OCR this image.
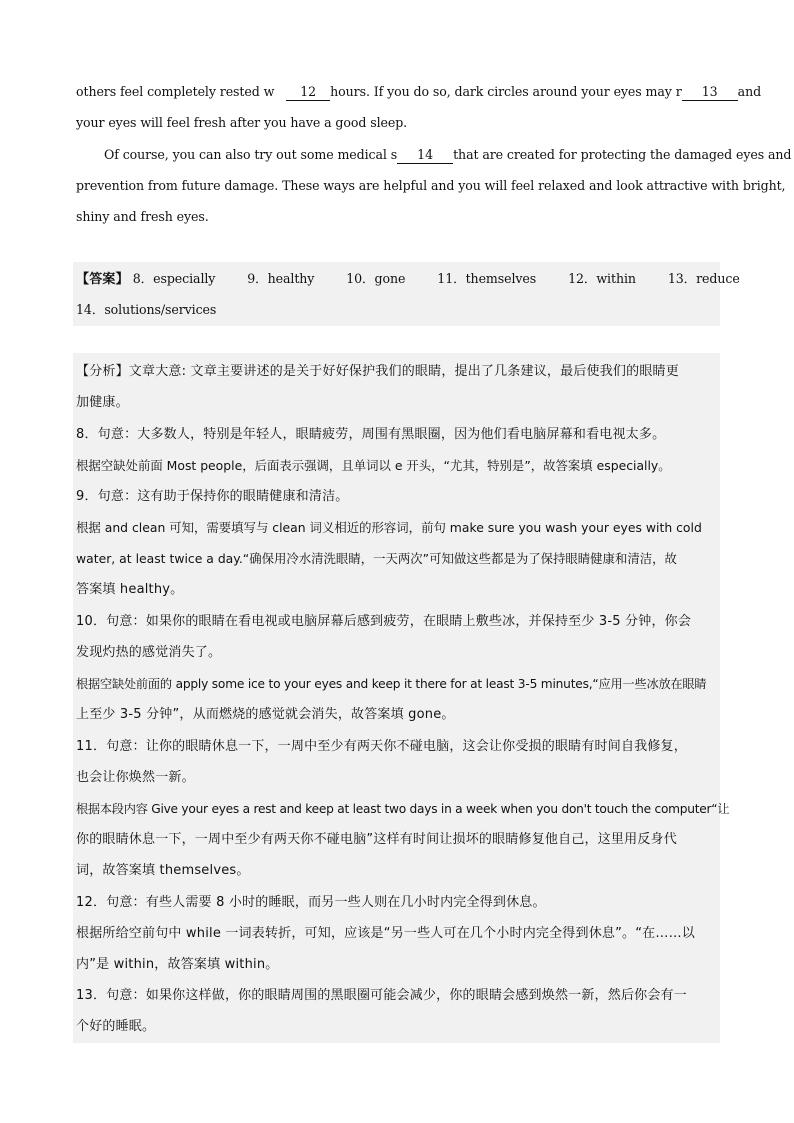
others feel completely rested w 12 hours. If you do so, dark circles around your eyes may r 13 and
your eyes will feel fresh after you have a good sleep.
Of course, you can also try out some medical s 14 that are created for protecting the damaged eyes and
prevention from future damage. These ways are helpful and you will feel relaxed and look attractive with bright,
shiny and fresh eyes.
【答案】 8．especially	9．healthy	10．gone	11．themselves	12．within	13．reduce
14．solutions/services
【分析】文章大意: 文章主要讲述的是关于好好保护我们的眼睛，提出了几条建议，最后使我们的眼睛更
加健康。
8．句意：大多数人，特别是年轻人，眼睛疲劳，周围有黑眼圈，因为他们看电脑屏幕和看电视太多。
根据空缺处前面 Most people，后面表示强调，且单词以 e 开头，“尤其，特别是”，故答案填 especially。
9．句意：这有助于保持你的眼睛健康和清洁。
根据 and clean 可知，需要填写与 clean 词义相近的形容词，前句 make sure you wash your eyes with cold
water, at least twice a day.“确保用冷水清洗眼睛，一天两次”可知做这些都是为了保持眼睛健康和清洁，故
答案填 healthy。
10．句意：如果你的眼睛在看电视或电脑屏幕后感到疲劳，在眼睛上敷些冰，并保持至少 3-5 分钟，你会
发现灼热的感觉消失了。
根据空缺处前面的 apply some ice to your eyes and keep it there for at least 3-5 minutes,“应用一些冰放在眼睛
上至少 3-5 分钟”，从而燃烧的感觉就会消失，故答案填 gone。
11．句意：让你的眼睛休息一下，一周中至少有两天你不碰电脑，这会让你受损的眼睛有时间自我修复，
也会让你焕然一新。
根据本段内容 Give your eyes a rest and keep at least two days in a week when you don't touch the computer“让
你的眼睛休息一下，一周中至少有两天你不碰电脑”这样有时间让损坏的眼睛修复他自己，这里用反身代
词，故答案填 themselves。
12．句意：有些人需要 8 小时的睡眠，而另一些人则在几小时内完全得到休息。
根据所给空前句中 while 一词表转折，可知，应该是“另一些人可在几个小时内完全得到休息”。“在……以
内”是 within，故答案填 within。
13．句意：如果你这样做，你的眼睛周围的黑眼圈可能会减少，你的眼睛会感到焕然一新，然后你会有一
个好的睡眠。
